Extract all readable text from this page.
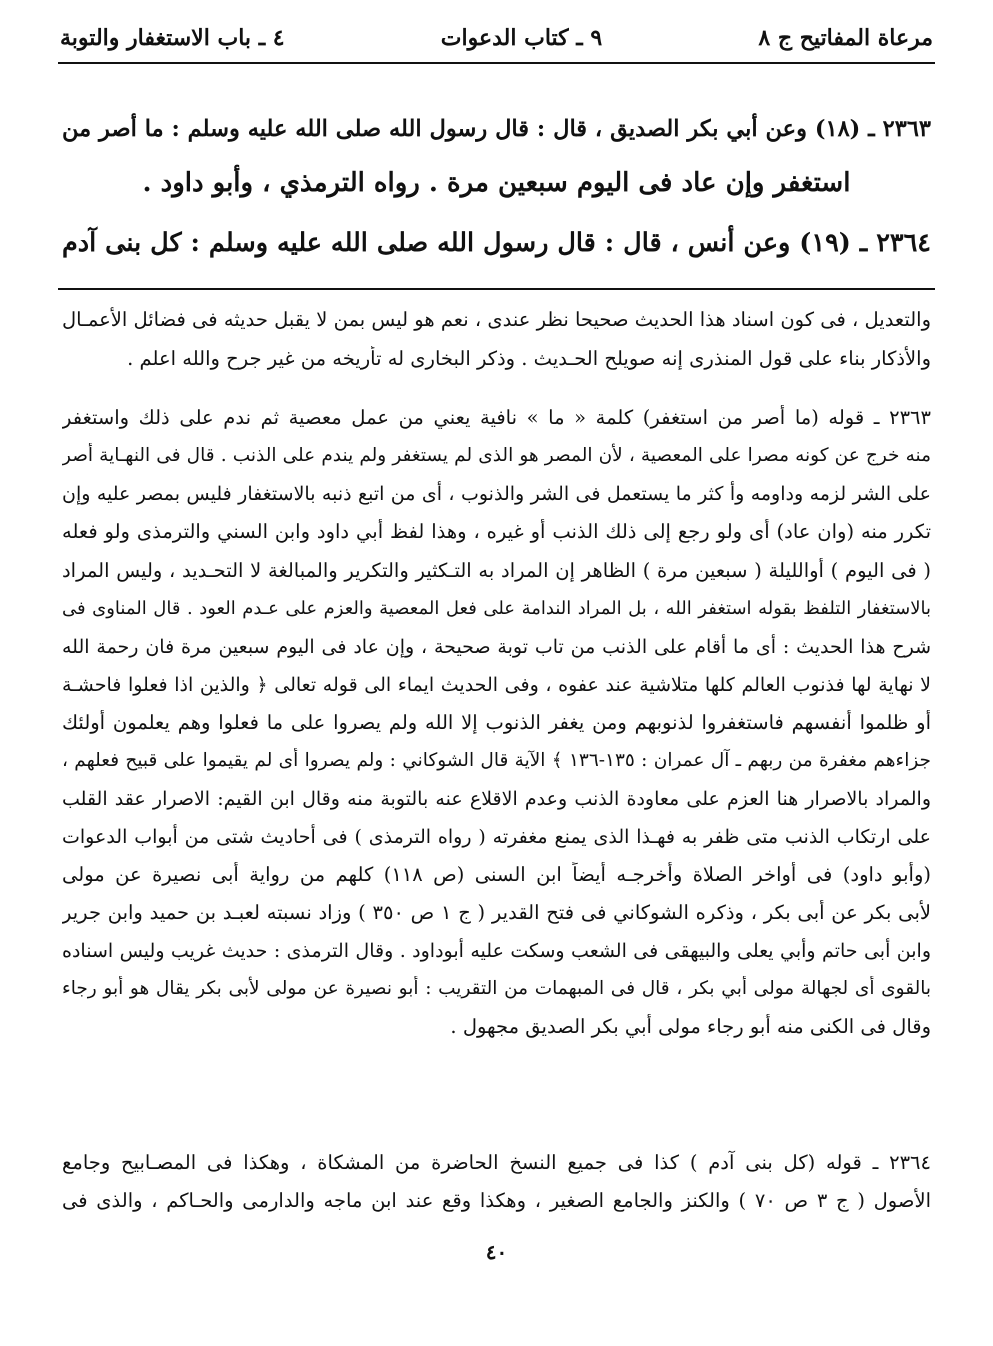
مرعاة المفاتيح ج ٨
٩ ـ كتاب الدعوات
٤ ـ باب الاستغفار والتوبة
٢٣٦٣ ـ (١٨) وعن أبي بكر الصديق ، قال : قال رسول الله صلى الله عليه وسلم : ما أصر من
استغفر وإن عاد فى اليوم سبعين مرة . رواه الترمذي ، وأبو داود .
٢٣٦٤ ـ (١٩) وعن أنس ، قال : قال رسول الله صلى الله عليه وسلم : كل بنى آدم
والتعديل ، فى كون اسناد هذا الحديث صحيحا نظر عندى ، نعم هو ليس بمن لا يقبل حديثه فى فضائل الأعمـال
والأذكار بناء على قول المنذرى إنه صويلح الحـديث . وذكر البخارى له تأريخه من غير جرح والله اعلم .
٢٣٦٣ ـ قوله (ما أصر من استغفر) كلمة « ما » نافية يعني من عمل معصية ثم ندم على ذلك واستغفر
منه خرج عن كونه مصرا على المعصية ، لأن المصر هو الذى لم يستغفر ولم يندم على الذنب . قال فى النهـاية أصر
على الشر لزمه وداومه وأ كثر ما يستعمل فى الشر والذنوب ، أى من اتبع ذنبه بالاستغفار فليس بمصر عليه وإن
تكرر منه (وان عاد) أى ولو رجع إلى ذلك الذنب أو غيره ، وهذا لفظ أبي داود وابن السني والترمذى ولو فعله
( فى اليوم ) أوالليلة ( سبعين مرة ) الظاهر إن المراد به التـكثير والتكرير والمبالغة لا التحـديد ، وليس المراد
بالاستغفار التلفظ بقوله استغفر الله ، بل المراد الندامة على فعل المعصية والعزم على عـدم العود . قال المناوى فى
شرح هذا الحديث : أى ما أقام على الذنب من تاب توبة صحيحة ، وإن عاد فى اليوم سبعين مرة فان رحمة الله
لا نهاية لها فذنوب العالم كلها متلاشية عند عفوه ، وفى الحديث ايماء الى قوله تعالى ﴿ والذين اذا فعلوا فاحشـة
أو ظلموا أنفسهم فاستغفروا لذنوبهم ومن يغفر الذنوب إلا الله ولم يصروا على ما فعلوا وهم يعلمون أولئك
جزاءهم مغفرة من ربهم ـ آل عمران : ١٣٥-١٣٦ ﴾ الآية قال الشوكاني : ولم يصروا أى لم يقيموا على قبيح فعلهم ،
والمراد بالاصرار هنا العزم على معاودة الذنب وعدم الاقلاع عنه بالتوبة منه وقال ابن القيم: الاصرار عقد القلب
على ارتكاب الذنب متى ظفر به فهـذا الذى يمنع مغفرته ( رواه الترمذى ) فى أحاديث شتى من أبواب الدعوات
(وأبو داود) فى أواخر الصلاة وأخرجـه أيضاً ابن السنى (ص ١١٨) كلهم من رواية أبى نصيرة عن مولى
لأبى بكر عن أبى بكر ، وذكره الشوكاني فى فتح القدير ( ج ١ ص ٣٥٠ ) وزاد نسبته لعبـد بن حميد وابن جرير
وابن أبى حاتم وأبي يعلى والبيهقى فى الشعب وسكت عليه أبوداود . وقال الترمذى : حديث غريب وليس اسناده
بالقوى أى لجهالة مولى أبي بكر ، قال فى المبهمات من التقريب : أبو نصيرة عن مولى لأبى بكر يقال هو أبو رجاء
وقال فى الكنى منه أبو رجاء مولى أبي بكر الصديق مجهول .
٢٣٦٤ ـ قوله (كل بنى آدم ) كذا فى جميع النسخ الحاضرة من المشكاة ، وهكذا فى المصـابيح وجامع
الأصول ( ج ٣ ص ٧٠ ) والكنز والجامع الصغير ، وهكذا وقع عند ابن ماجه والدارمى والحـاكم ، والذى فى
٤٠
